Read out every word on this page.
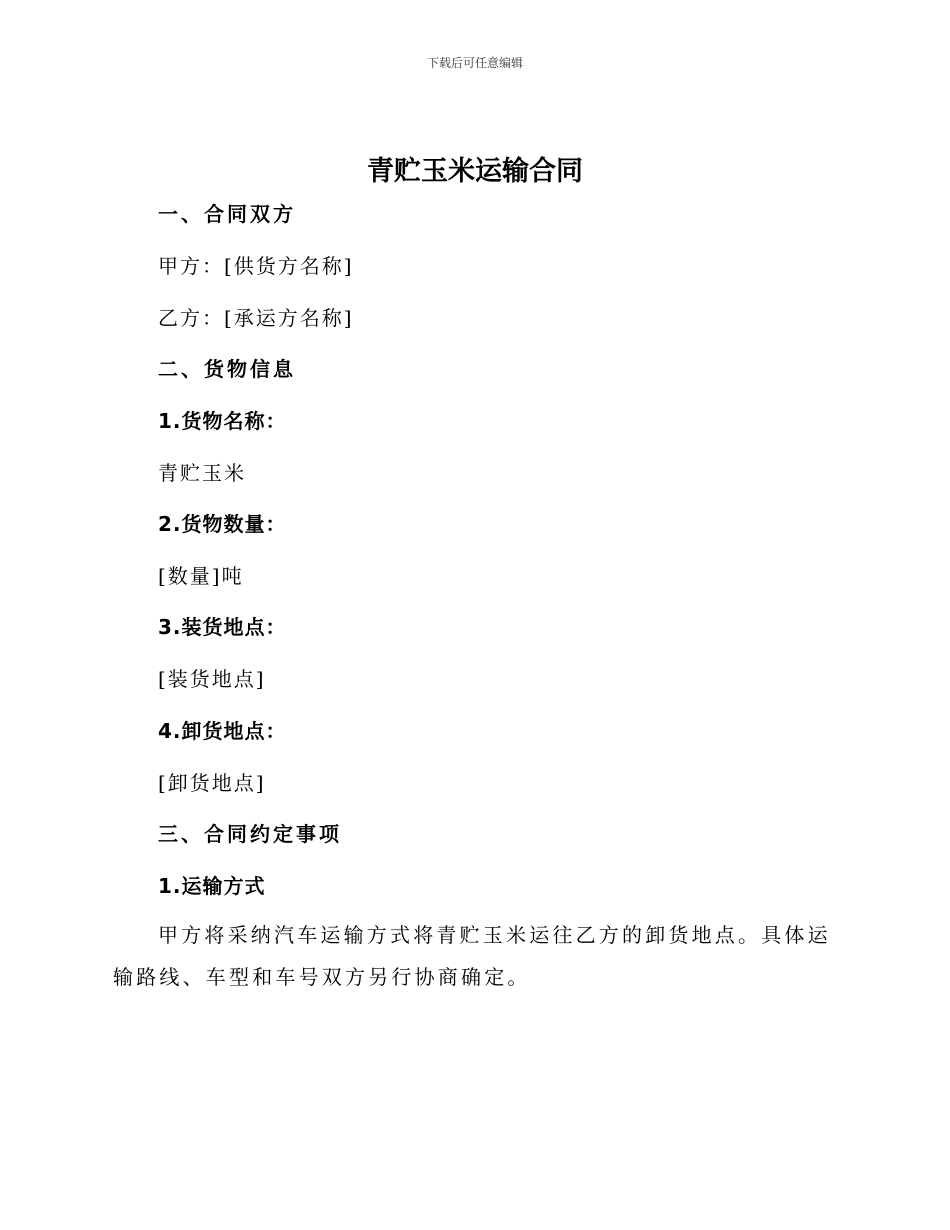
下载后可任意编辑
青贮玉米运输合同
一、合同双方
甲方：[供货方名称]
乙方：[承运方名称]
二、货物信息
1.货物名称：
青贮玉米
2.货物数量：
[数量]吨
3.装货地点：
[装货地点]
4.卸货地点：
[卸货地点]
三、合同约定事项
1.运输方式
甲方将采纳汽车运输方式将青贮玉米运往乙方的卸货地点。具体运输路线、车型和车号双方另行协商确定。
